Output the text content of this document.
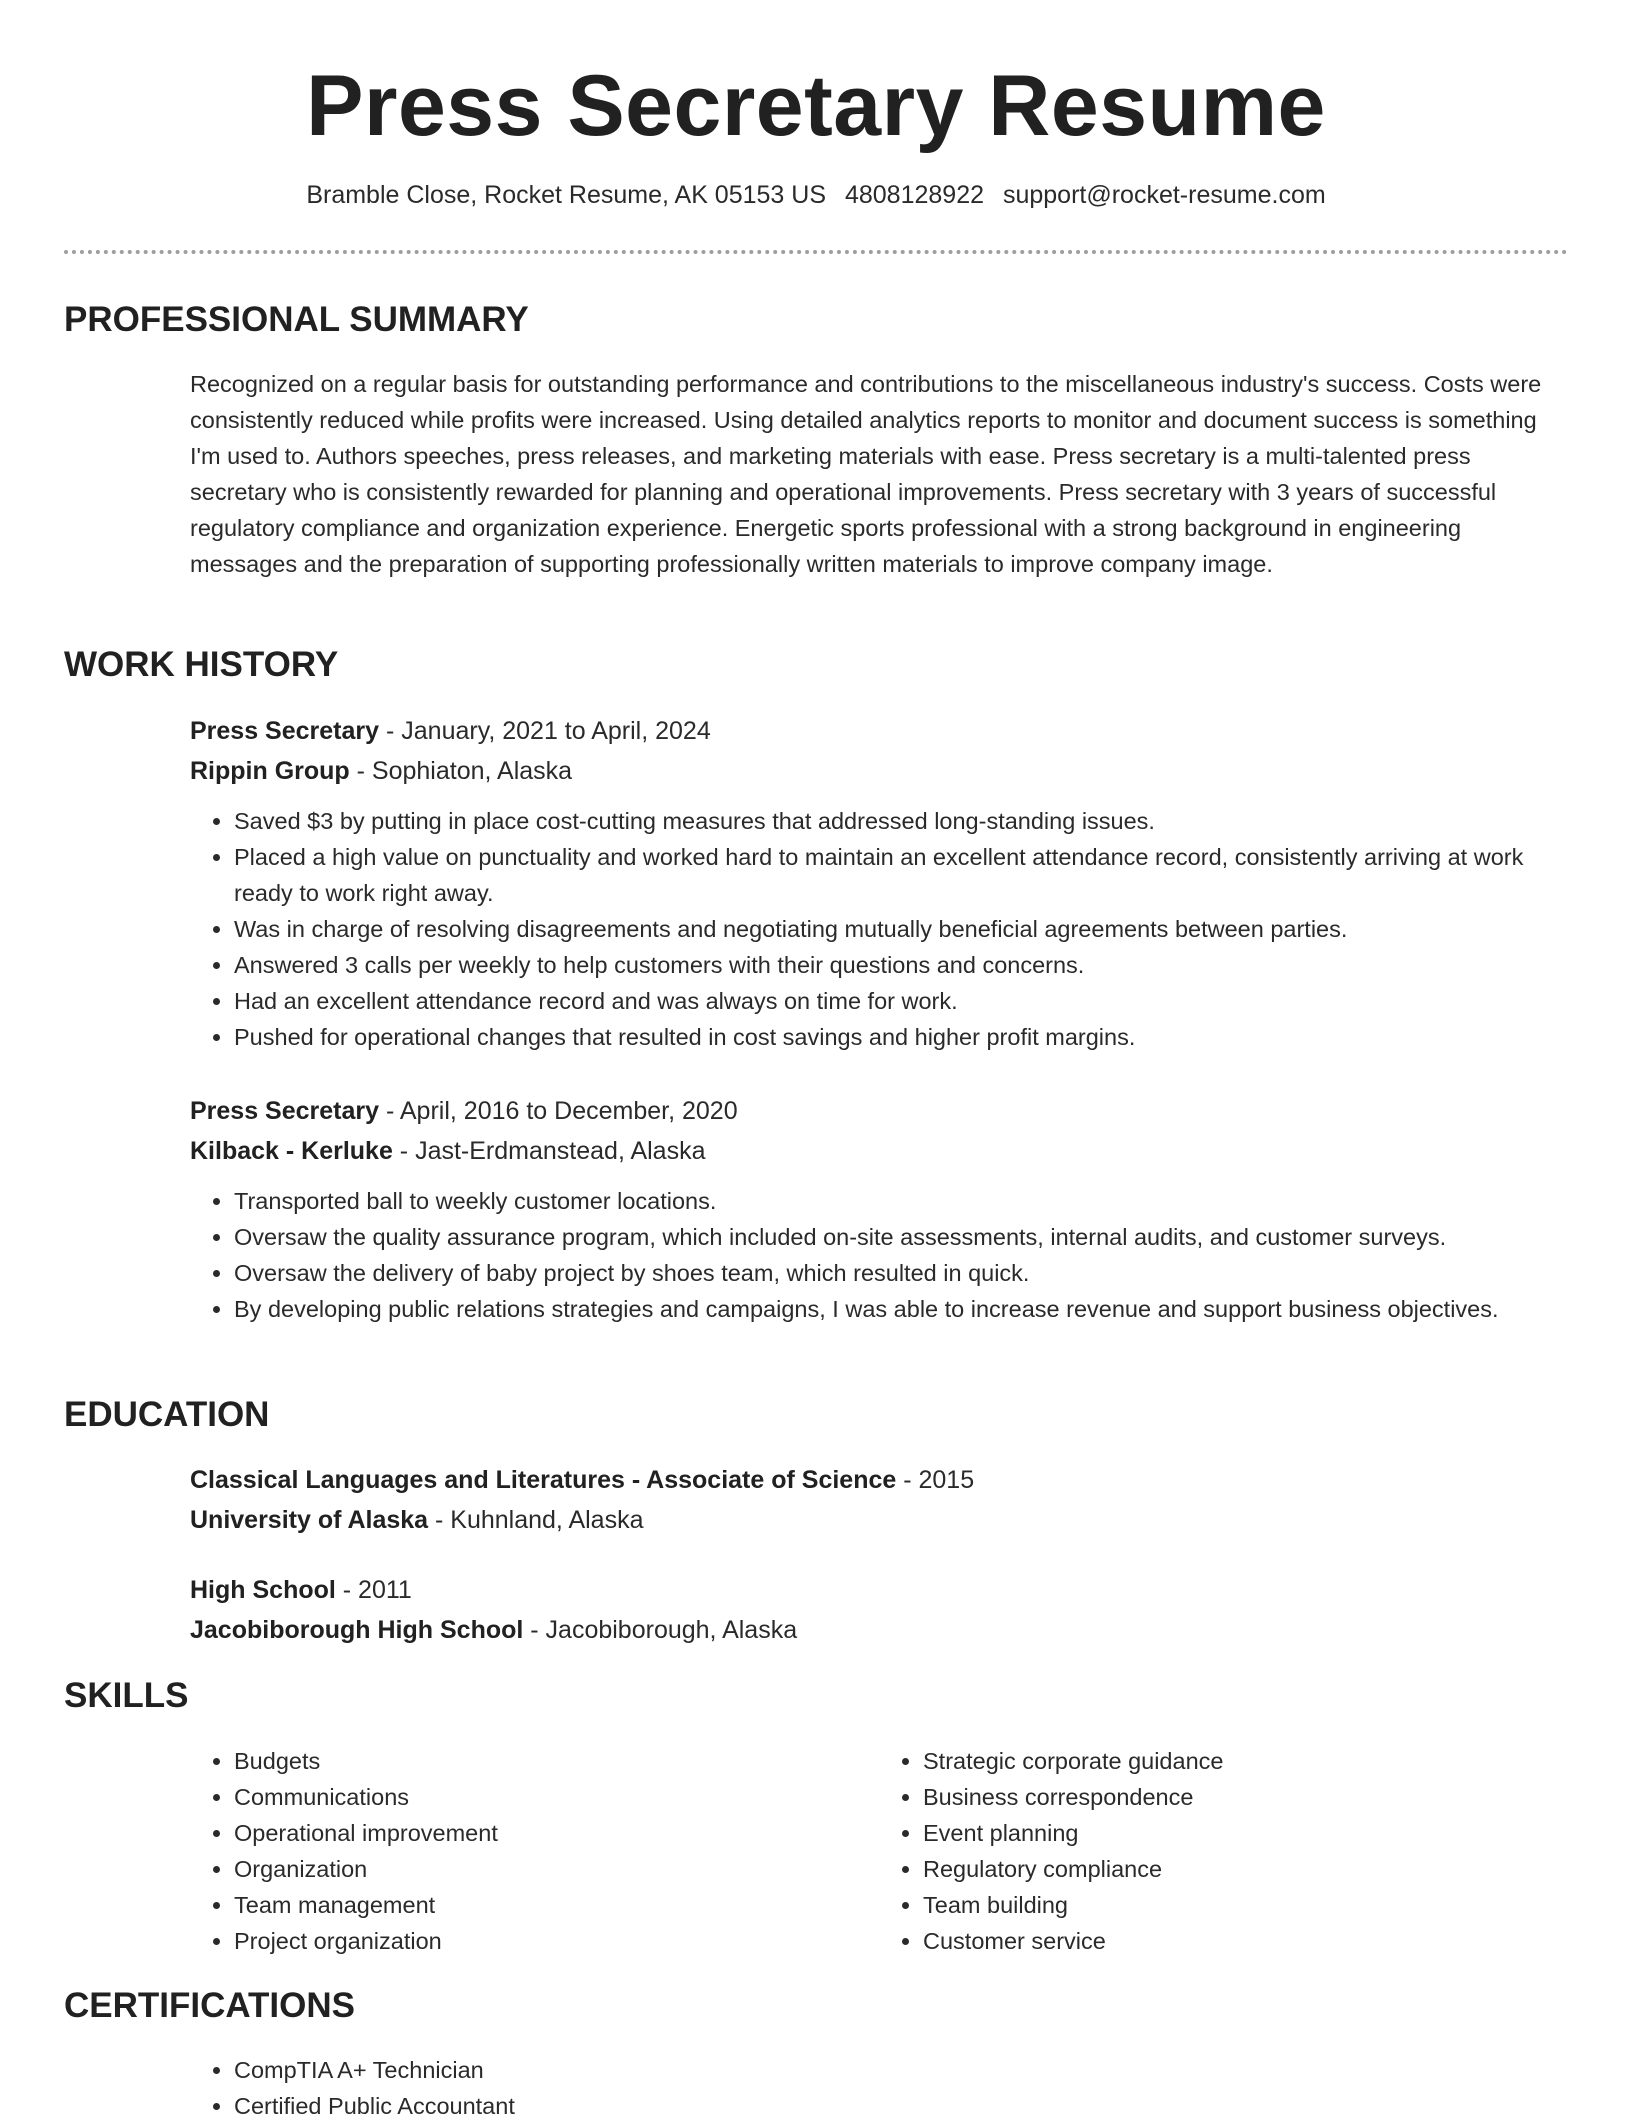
Press Secretary Resume
Bramble Close, Rocket Resume, AK 05153 US 4808128922 support@rocket-resume.com
PROFESSIONAL SUMMARY

Recognized on a regular basis for outstanding performance and contributions to the miscellaneous industry's success. Costs were consistently reduced while profits were increased. Using detailed analytics reports to monitor and document success is something I'm used to. Authors speeches, press releases, and marketing materials with ease. Press secretary is a multi-talented press secretary who is consistently rewarded for planning and operational improvements. Press secretary with 3 years of successful regulatory compliance and organization experience. Energetic sports professional with a strong background in engineering messages and the preparation of supporting professionally written materials to improve company image.

WORK HISTORY

Press Secretary - January, 2021 to April, 2024

Rippin Group - Sophiaton, Alaska

• Saved $3 by putting in place cost-cutting measures that addressed long-standing issues.
• Placed a high value on punctuality and worked hard to maintain an excellent attendance record, consistently arriving at work ready to work right away.
• Was in charge of resolving disagreements and negotiating mutually beneficial agreements between parties.
• Answered 3 calls per weekly to help customers with their questions and concerns.
• Had an excellent attendance record and was always on time for work.
• Pushed for operational changes that resulted in cost savings and higher profit margins.

Press Secretary - April, 2016 to December, 2020

Kilback - Kerluke - Jast-Erdmanstead, Alaska

• Transported ball to weekly customer locations.
• Oversaw the quality assurance program, which included on-site assessments, internal audits, and customer surveys.
• Oversaw the delivery of baby project by shoes team, which resulted in quick.
• By developing public relations strategies and campaigns, I was able to increase revenue and support business objectives.
EDUCATION

Classical Languages and Literatures - Associate of Science - 2015

University of Alaska - Kuhnland, Alaska

High School - 2011

Jacobiborough High School - Jacobiborough, Alaska

SKILLS
• Budgets
• Communications
• Operational improvement
• Organization
• Team management
• Project organization
• Strategic corporate guidance
• Business correspondence
• Event planning
• Regulatory compliance
• Team building
• Customer service
CERTIFICATIONS
• CompTIA A+ Technician
• Certified Public Accountant
